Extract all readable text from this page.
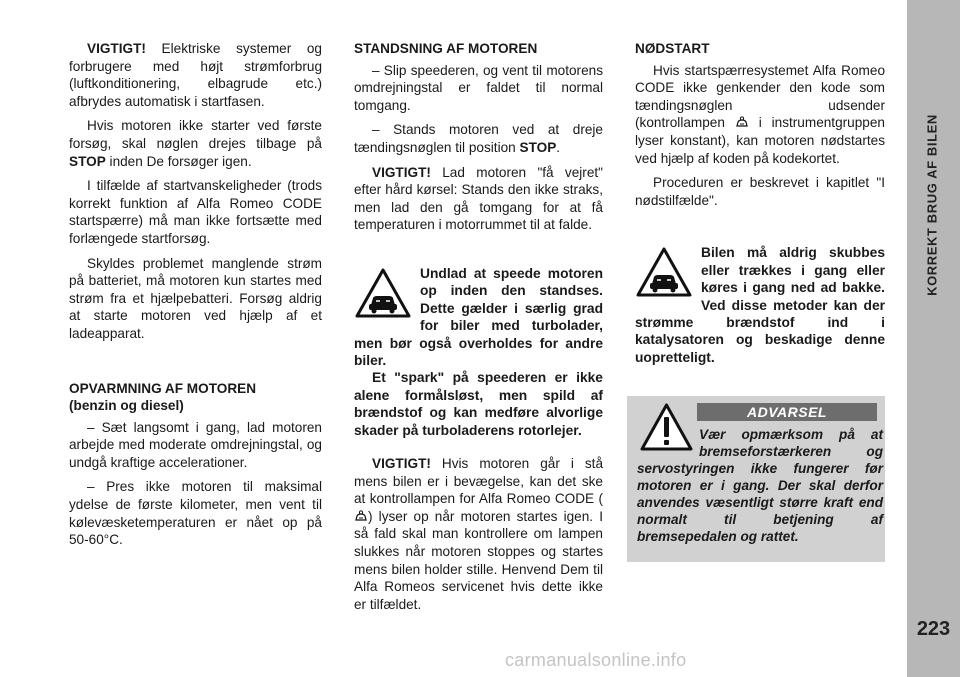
VIGTIGT! Elektriske systemer og forbrugere med højt strømforbrug (luftkonditionering, elbagrude etc.) afbrydes automatisk i startfasen.

Hvis motoren ikke starter ved første forsøg, skal nøglen drejes tilbage på STOP inden De forsøger igen.

I tilfælde af startvanskeligheder (trods korrekt funktion af Alfa Romeo CODE startspærre) må man ikke fortsætte med forlængede startforsøg.

Skyldes problemet manglende strøm på batteriet, må motoren kun startes med strøm fra et hjælpebatteri. Forsøg aldrig at starte motoren ved hjælp af et ladeapparat.

OPVARMNING AF MOTOREN
(benzin og diesel)

– Sæt langsomt i gang, lad motoren arbejde med moderate omdrejningstal, og undgå kraftige accelerationer.

– Pres ikke motoren til maksimal ydelse de første kilometer, men vent til kølevæsketemperaturen er nået op på 50-60°C.

STANDSNING AF MOTOREN

– Slip speederen, og vent til motorens omdrejningstal er faldet til normal tomgang.

– Stands motoren ved at dreje tændingsnøglen til position STOP.

VIGTIGT! Lad motoren "få vejret" efter hård kørsel: Stands den ikke straks, men lad den gå tomgang for at få temperaturen i motorrummet til at falde.

Undlad at speede motoren op inden den standses. Dette gælder i særlig grad for biler med turbolader, men bør også overholdes for andre biler.

Et "spark" på speederen er ikke alene formålsløst, men spild af brændstof og kan medføre alvorlige skader på turboladerens rotorlejer.

VIGTIGT! Hvis motoren går i stå mens bilen er i bevægelse, kan det ske at kontrollampen for Alfa Romeo CODE () lyser op når motoren startes igen. I så fald skal man kontrollere om lampen slukkes når motoren stoppes og startes mens bilen holder stille. Henvend Dem til Alfa Romeos servicenet hvis dette ikke er tilfældet.

NØDSTART

Hvis startspærresystemet Alfa Romeo CODE ikke genkender den kode som tændingsnøglen udsender (kontrollampen  i instrumentgruppen lyser konstant), kan motoren nødstartes ved hjælp af koden på kodekortet.

Proceduren er beskrevet i kapitlet "I nødstilfælde".

Bilen må aldrig skubbes eller trækkes i gang eller køres i gang ned ad bakke. Ved disse metoder kan der strømme brændstof ind i katalysatoren og beskadige denne uopretteligt.

ADVARSEL
Vær opmærksom på at bremseforstærkeren og servostyringen ikke fungerer før motoren er i gang. Der skal derfor anvendes væsentligt større kraft end normalt til betjening af bremsepedalen og rattet.
KORREKT BRUG AF BILEN
223
carmanualsonline.info
